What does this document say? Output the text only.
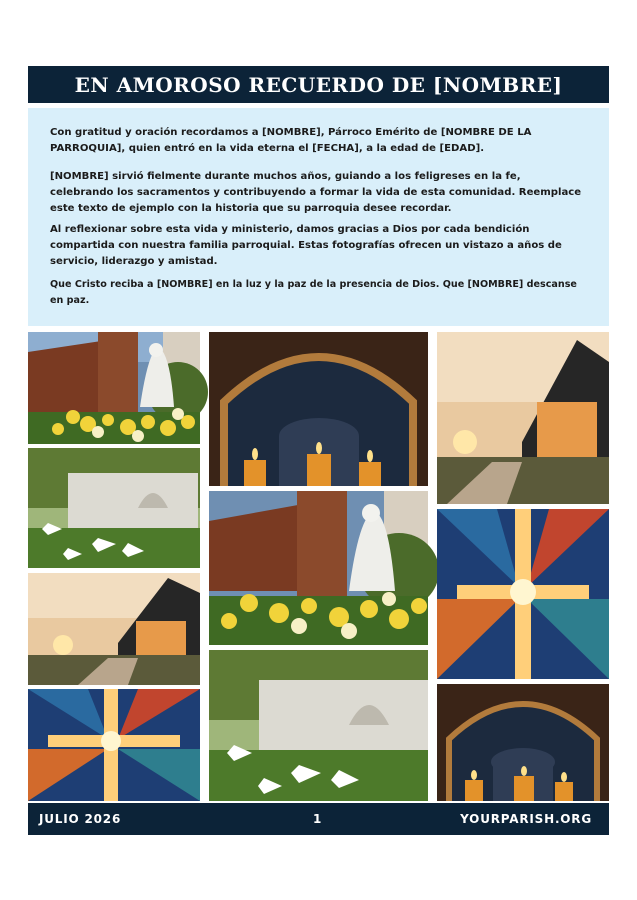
EN AMOROSO RECUERDO DE [NOMBRE]

Con gratitud y oración recordamos a [NOMBRE], Párroco Emérito de [NOMBRE DE LA PARROQUIA], quien entró en la vida eterna el [FECHA], a la edad de [EDAD].

[NOMBRE] sirvió fielmente durante muchos años, guiando a los feligreses en la fe, celebrando los sacramentos y contribuyendo a formar la vida de esta comunidad. Reemplace este texto de ejemplo con la historia que su parroquia desee recordar.

Al reflexionar sobre esta vida y ministerio, damos gracias a Dios por cada bendición compartida con nuestra familia parroquial. Estas fotografías ofrecen un vistazo a años de servicio, liderazgo y amistad.

Que Cristo reciba a [NOMBRE] en la luz y la paz de la presencia de Dios. Que [NOMBRE] descanse en paz.

JULIO 2026	1	YOURPARISH.ORG
